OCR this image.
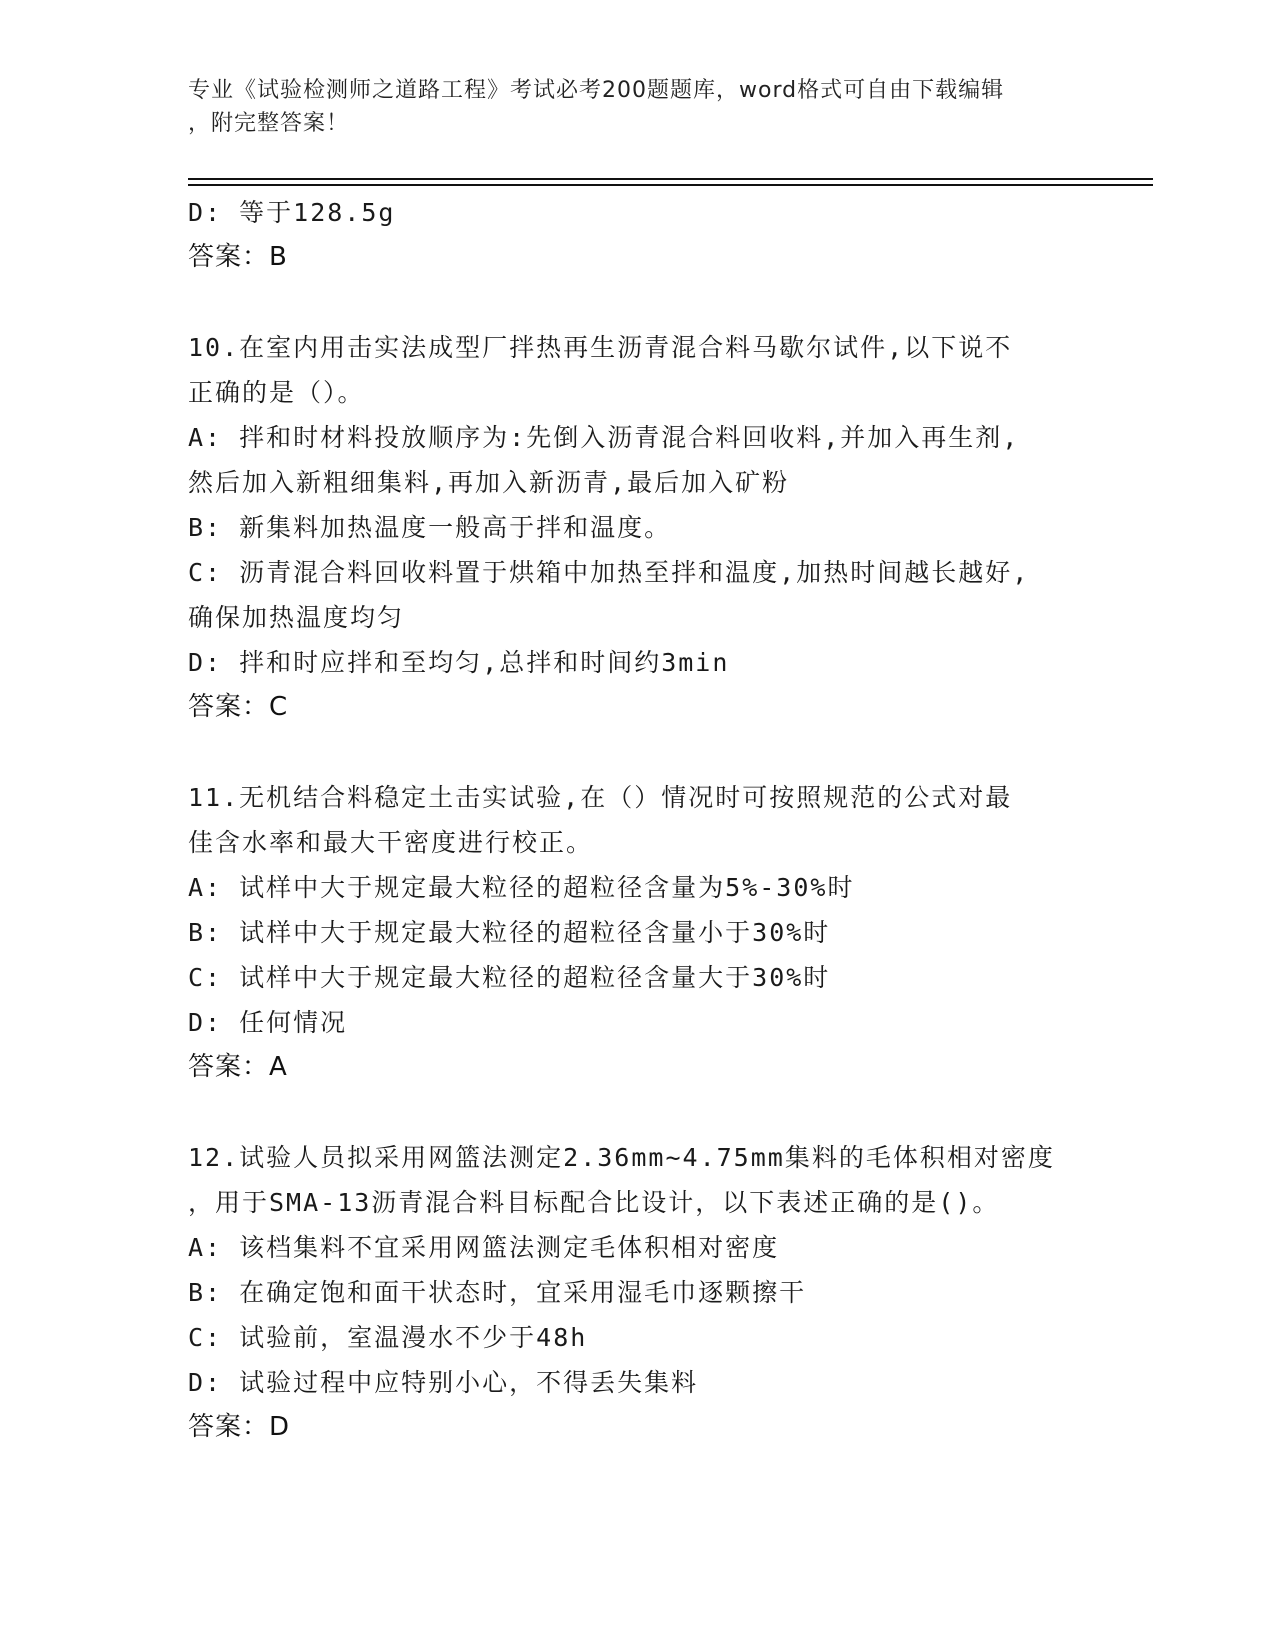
专业《试验检测师之道路工程》考试必考200题题库，word格式可自由下载编辑
，附完整答案！
D: 等于128.5g
答案：B
10.在室内用击实法成型厂拌热再生沥青混合料马歇尔试件,以下说不
正确的是（）。
A: 拌和时材料投放顺序为:先倒入沥青混合料回收料,并加入再生剂,
然后加入新粗细集料,再加入新沥青,最后加入矿粉
B: 新集料加热温度一般高于拌和温度。
C: 沥青混合料回收料置于烘箱中加热至拌和温度,加热时间越长越好,
确保加热温度均匀
D: 拌和时应拌和至均匀,总拌和时间约3min
答案：C
11.无机结合料稳定土击实试验,在（）情况时可按照规范的公式对最
佳含水率和最大干密度进行校正。
A: 试样中大于规定最大粒径的超粒径含量为5%-30%时
B: 试样中大于规定最大粒径的超粒径含量小于30%时
C: 试样中大于规定最大粒径的超粒径含量大于30%时
D: 任何情况
答案：A
12.试验人员拟采用网篮法测定2.36mm~4.75mm集料的毛体积相对密度
，用于SMA-13沥青混合料目标配合比设计，以下表述正确的是()。
A: 该档集料不宜采用网篮法测定毛体积相对密度
B: 在确定饱和面干状态时，宜采用湿毛巾逐颗擦干
C: 试验前，室温漫水不少于48h
D: 试验过程中应特别小心，不得丢失集料
答案：D
